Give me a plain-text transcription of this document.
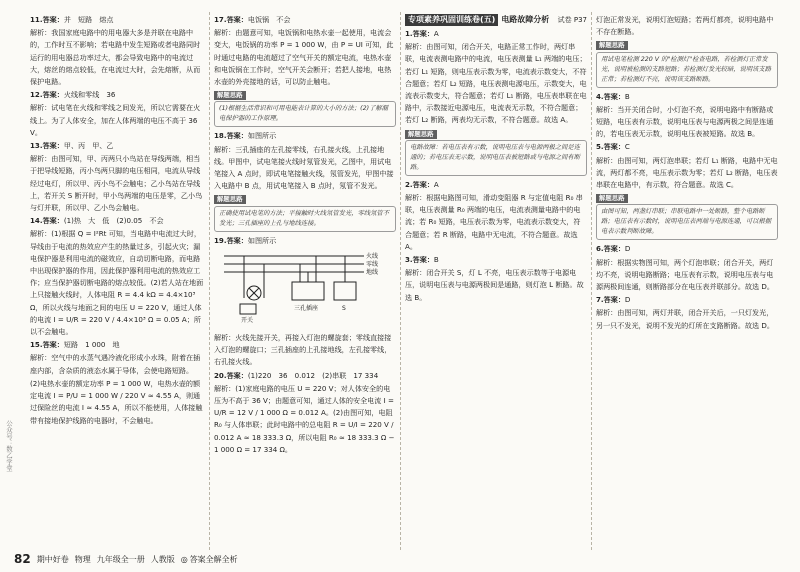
公众号：数乙学堂

11.答案：并　短路　熔点

解析：我国家庭电路中的用电器大多是并联在电路中的，工作时互不影响；若电路中发生短路或者电路同时运行的用电器总功率过大，都会导致电路中的电流过大，熔丝的熔点较低，在电流过大时，会先熔断，从而保护电路。

12.答案：火线和零线　36

解析：试电笔在火线和零线之间发光，所以它需要在火线上。为了人体安全，加在人体两端的电压不高于 36 V。

13.答案：甲、丙　甲、乙

解析：由图可知，甲、丙两只小鸟站在导线两端，相当于把导线短路，丙小鸟两只脚的电压相同，电流从导线经过电灯，所以甲、丙小鸟不会触电；乙小鸟站在导线上，若开关 S 断开时，甲小鸟两端的电压是零，乙小鸟与灯并联，所以甲、乙小鸟会触电。

14.答案：(1)热　大　低　(2)0.05　不会

解析：(1)根据 Q = I²Rt 可知，当电路中电流过大时，导线由于电流的热效应产生的热量过多，引起火灾；漏电保护器是利用电流的磁效应，自动切断电路，而电路中出现保护器的作用，因此保护器利用电流的热效应工作；应当保护器切断电路的熔点较低。(2)若人站在地面上只接触火线时，人体电阻 R = 4.4 kΩ = 4.4×10³ Ω，所以火线与地面之间的电压 U = 220 V，通过人体的电流 I = U/R = 220 V / 4.4×10³ Ω = 0.05 A；所以不会触电。

15.答案：短路　1 000　地

解析：空气中的水蒸气遇冷液化形成小水珠，附着在插座内部，含杂质的液态水属于导体，会使电路短路。

(2)电热水壶的额定功率 P = 1 000 W，电热水壶的额定电流 I = P/U = 1 000 W / 220 V ≈ 4.55 A，则通过保险丝的电流 I ≈ 4.55 A，所以不能使用，人体接触带有接地保护线路的电器时，不会触电。

17.答案：电饭锅　不会

解析：由题意可知，电饭锅和电热水壶一起使用，电流会变大，电饭锅的功率 P = 1 000 W，由 P = UI 可知，此时通过电路的电流超过了空气开关的额定电流，电热水壶和电饭锅在工作时，空气开关会断开；若把人接地，电热水壶的外壳接地的话，可以防止触电。

解题思路
(1)根据生活常识和可用电能表计算的大小的方法；(2)了解漏电保护器的工作原理。

18.答案：如图所示

解析：三孔插座的左孔接零线，右孔接火线，上孔接地线。甲图中，试电笔接火线时氖管发光，乙图中，用试电笔接入 A 点时，即试电笔接触火线，氖管发光，甲图中接入电路中 B 点，用试电笔接入 B 点时，氖管不发光。

解题思路
正确使用试电笔的方法；平接触时火线氖管发光，零线氖管不发光；三孔插座的上孔与地线连接。

19.答案：如图所示

火线
零线
地线
开关
三孔插座	S

解析：火线先接开关，再接入灯泡的螺旋套；零线直接接入灯泡的螺旋口；三孔插座的上孔接地线，左孔接零线，右孔接火线。

20.答案：(1)220　36　0.012　(2)串联　17 334

解析：(1)家庭电路的电压 U = 220 V；对人体安全的电压为不高于 36 V；由题意可知，通过人体的安全电流 I = U/R = 12 V / 1 000 Ω = 0.012 A。(2)由图可知，电阻 R₀ 与人体串联；此时电路中的总电阻 R = U/I = 220 V / 0.012 A ≈ 18 333.3 Ω，所以电阻 R₀ ≈ 18 333.3 Ω − 1 000 Ω = 17 334 Ω。

专项素养巩固训练卷(五) 电路故障分析 试卷 P37

1.答案：A

解析：由图可知，闭合开关，电路正常工作时，两灯串联，电流表测电路中的电流，电压表测量 L₁ 两端的电压；若灯 L₁ 短路，则电压表示数为零，电流表示数变大，不符合题意；若灯 L₂ 短路，电压表测电源电压，示数变大，电流表示数变大，符合题意；若灯 L₁ 断路，电压表串联在电路中，示数接近电源电压，电流表无示数，不符合题意；若灯 L₂ 断路，两表均无示数，不符合题意。故选 A。

解题思路
电路故障：若电压表有示数，说明电压表与电源两极之间是连通的；若电压表无示数，说明电压表被短路或与电源之间有断路。

2.答案：A

解析：根据电路图可知，滑动变阻器 R 与定值电阻 R₀ 串联，电压表测量 R₀ 两端的电压，电流表测量电路中的电流；若 R₀ 短路，电压表示数为零，电流表示数变大，符合题意；若 R 断路，电路中无电流，不符合题意。故选 A。

3.答案：B

解析：闭合开关 S，灯 L 不亮，电压表示数等于电源电压，说明电压表与电源两极间是通路，则灯泡 L 断路。故选 B。

灯泡正常发光，说明灯泡短路；若两灯都亮，说明电路中不存在断路。

解题思路
用试电笔检测 220 V 的"检测灯"检查电路，若检测灯正常发光，说明被检测的支路短路；若检测灯发光较暗，说明该支路正常；若检测灯不亮，说明该支路断路。

4.答案：B

解析：当开关闭合时，小灯泡不亮，说明电路中有断路或短路，电压表有示数，说明电压表与电源两极之间是连通的，若电压表无示数，说明电压表被短路。故选 B。

5.答案：C

解析：由图可知，两灯泡串联；若灯 L₁ 断路，电路中无电流，两灯都不亮，电压表示数为零；若灯 L₂ 断路，电压表串联在电路中，有示数，符合题意。故选 C。

解题思路
由图可知，两盏灯串联；串联电路中一处断路，整个电路断路；电压表有示数时，说明电压表两端与电源连通，可以根据电表示数判断故障。

6.答案：D

解析：根据实物图可知，两个灯泡串联；闭合开关，两灯均不亮，说明电路断路；电压表有示数，说明电压表与电源两极间连通，则断路部分在电压表并联部分。故选 D。

7.答案：D

解析：由图可知，两灯并联，闭合开关后，一只灯发光，另一只不发光，说明不发光的灯所在支路断路。故选 D。

82 期中好卷 物理 九年级全一册 人教版 ◎ 答案全解全析
